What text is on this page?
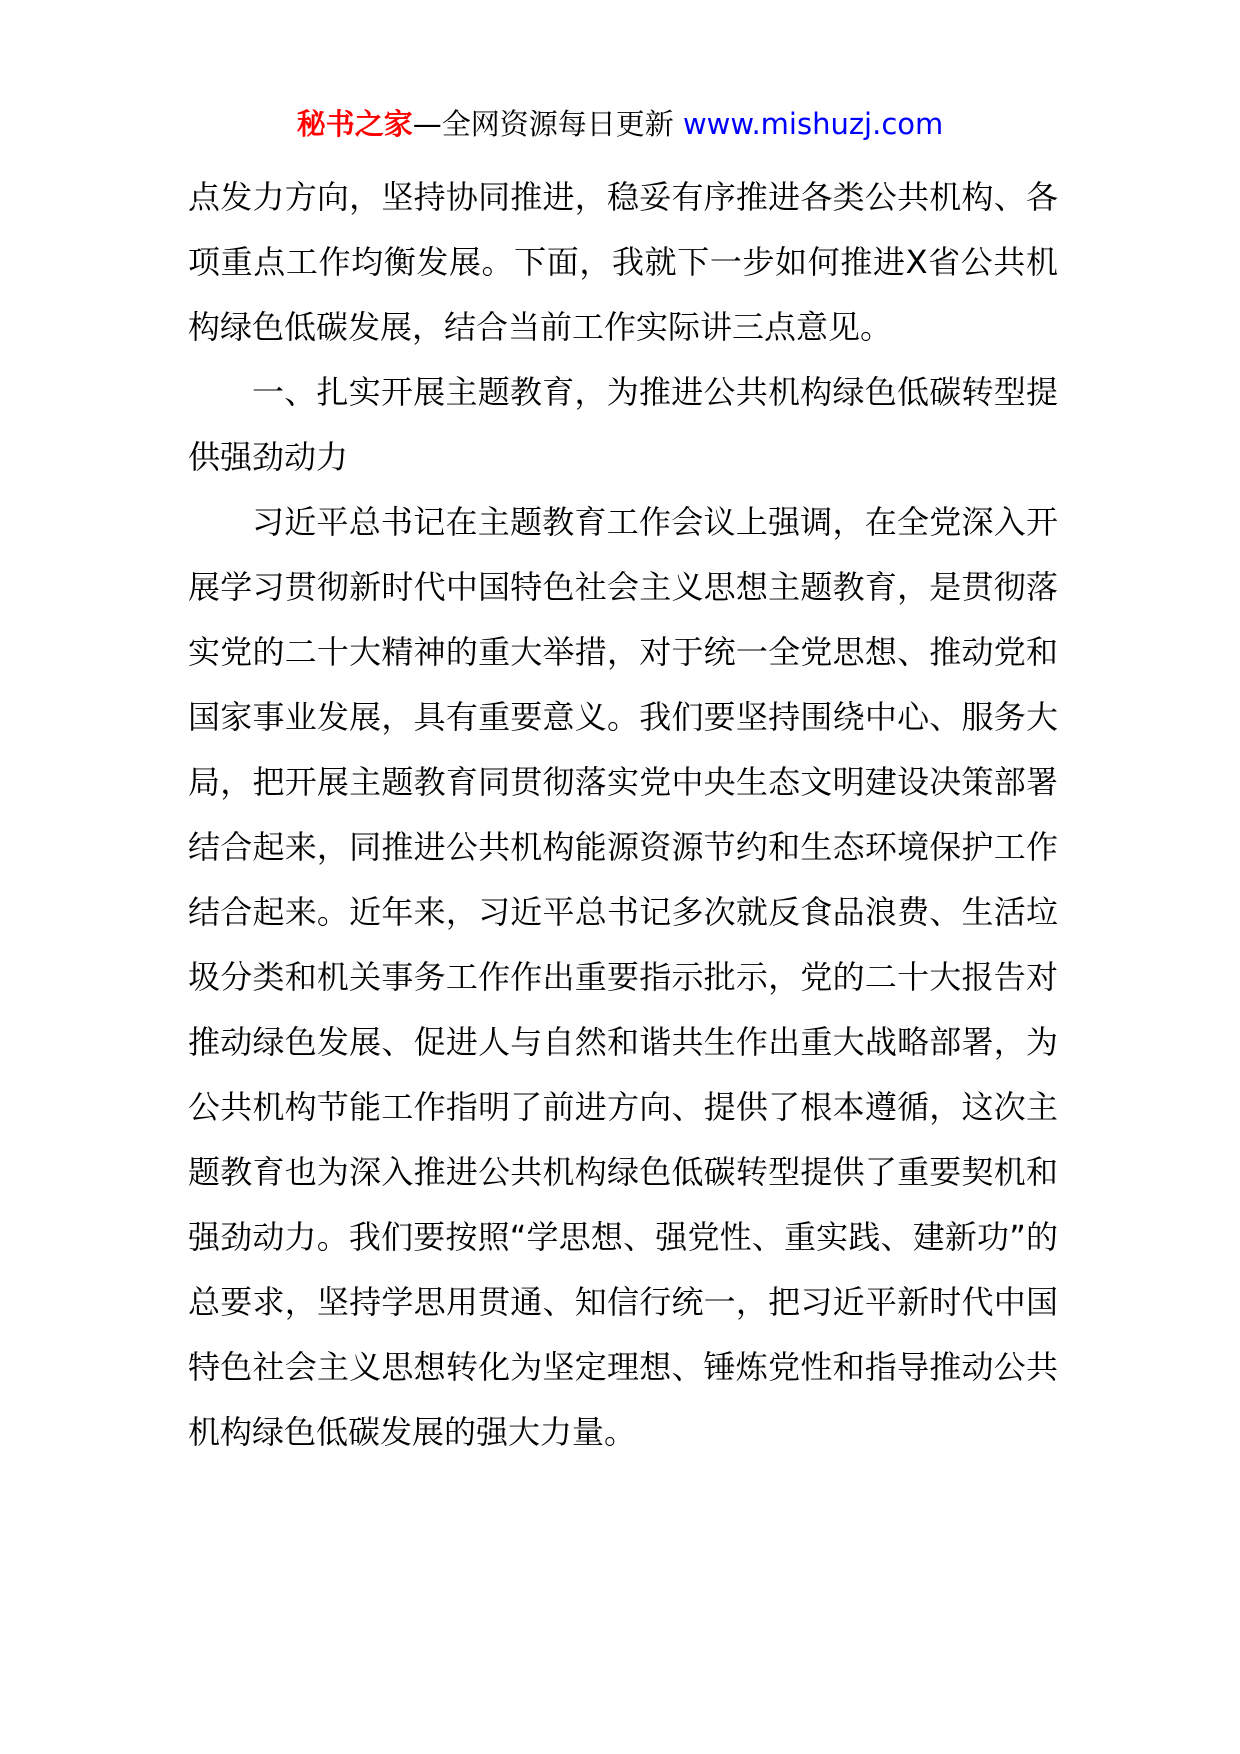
秘书之家—全网资源每日更新 www.mishuzj.com

点发力方向，坚持协同推进，稳妥有序推进各类公共机构、各项重点工作均衡发展。下面，我就下一步如何推进X省公共机构绿色低碳发展，结合当前工作实际讲三点意见。

一、扎实开展主题教育，为推进公共机构绿色低碳转型提供强劲动力

习近平总书记在主题教育工作会议上强调，在全党深入开展学习贯彻新时代中国特色社会主义思想主题教育，是贯彻落实党的二十大精神的重大举措，对于统一全党思想、推动党和国家事业发展，具有重要意义。我们要坚持围绕中心、服务大局，把开展主题教育同贯彻落实党中央生态文明建设决策部署结合起来，同推进公共机构能源资源节约和生态环境保护工作结合起来。近年来，习近平总书记多次就反食品浪费、生活垃圾分类和机关事务工作作出重要指示批示，党的二十大报告对推动绿色发展、促进人与自然和谐共生作出重大战略部署，为公共机构节能工作指明了前进方向、提供了根本遵循，这次主题教育也为深入推进公共机构绿色低碳转型提供了重要契机和强劲动力。我们要按照“学思想、强党性、重实践、建新功”的总要求，坚持学思用贯通、知信行统一，把习近平新时代中国特色社会主义思想转化为坚定理想、锤炼党性和指导推动公共机构绿色低碳发展的强大力量。
